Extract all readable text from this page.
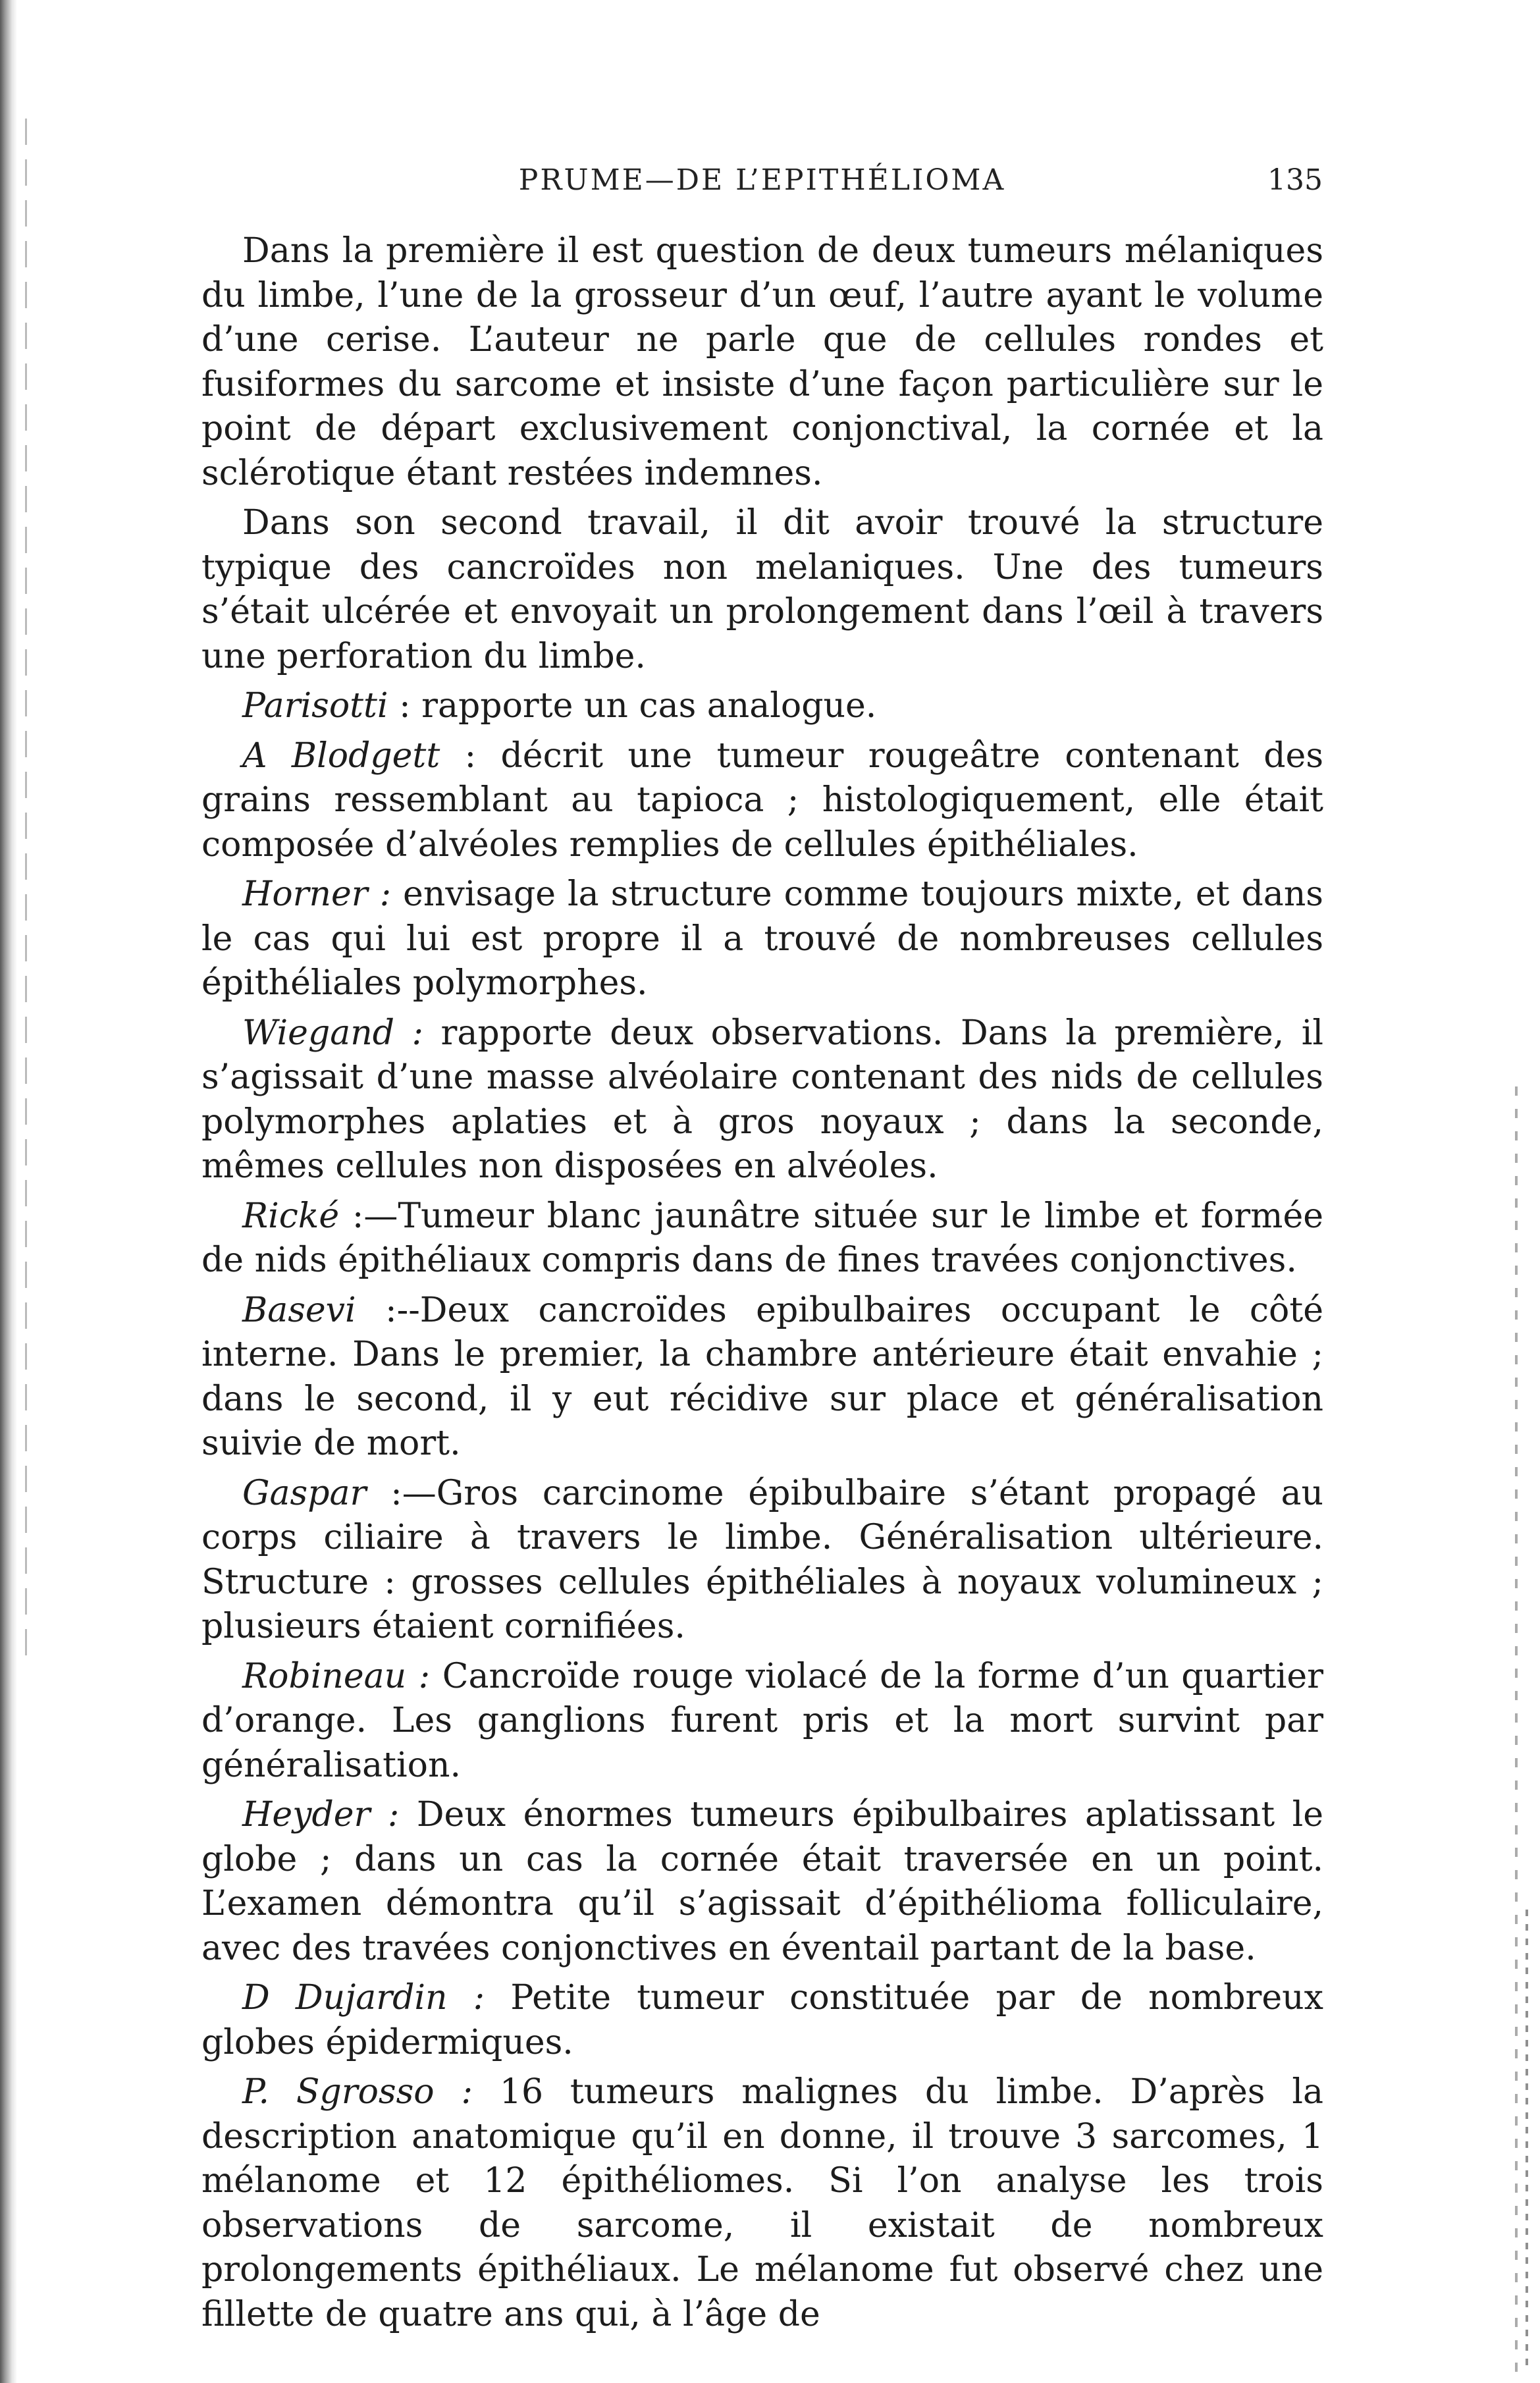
PRUME—DE L’EPITHÉLIOMA	135

Dans la première il est question de deux tumeurs mélaniques du limbe, l’une de la grosseur d’un œuf, l’autre ayant le volume d’une cerise. L’auteur ne parle que de cellules rondes et fusiformes du sarcome et insiste d’une façon particulière sur le point de départ exclusivement conjonctival, la cornée et la sclérotique étant restées indemnes.

Dans son second travail, il dit avoir trouvé la structure typique des cancroïdes non melaniques. Une des tumeurs s’était ulcérée et envoyait un prolongement dans l’œil à travers une perforation du limbe.

Parisotti : rapporte un cas analogue.

A Blodgett : décrit une tumeur rougeâtre contenant des grains ressemblant au tapioca ; histologiquement, elle était composée d’alvéoles remplies de cellules épithéliales.

Horner : envisage la structure comme toujours mixte, et dans le cas qui lui est propre il a trouvé de nombreuses cellules épithéliales polymorphes.

Wiegand : rapporte deux observations. Dans la première, il s’agissait d’une masse alvéolaire contenant des nids de cellules polymorphes aplaties et à gros noyaux ; dans la seconde, mêmes cellules non disposées en alvéoles.

Rické :—Tumeur blanc jaunâtre située sur le limbe et formée de nids épithéliaux compris dans de fines travées conjonctives.

Basevi :--Deux cancroïdes epibulbaires occupant le côté interne. Dans le premier, la chambre antérieure était envahie ; dans le second, il y eut récidive sur place et généralisation suivie de mort.

Gaspar :—Gros carcinome épibulbaire s’étant propagé au corps ciliaire à travers le limbe. Généralisation ultérieure. Structure : grosses cellules épithéliales à noyaux volumineux ; plusieurs étaient cornifiées.

Robineau : Cancroïde rouge violacé de la forme d’un quartier d’orange. Les ganglions furent pris et la mort survint par généralisation.

Heyder : Deux énormes tumeurs épibulbaires aplatissant le globe ; dans un cas la cornée était traversée en un point. L’examen démontra qu’il s’agissait d’épithélioma folliculaire, avec des travées conjonctives en éventail partant de la base.

D Dujardin : Petite tumeur constituée par de nombreux globes épidermiques.

P. Sgrosso : 16 tumeurs malignes du limbe. D’après la description anatomique qu’il en donne, il trouve 3 sarcomes, 1 mélanome et 12 épithéliomes. Si l’on analyse les trois observations de sarcome, il existait de nombreux prolongements épithéliaux. Le mélanome fut observé chez une fillette de quatre ans qui, à l’âge de
